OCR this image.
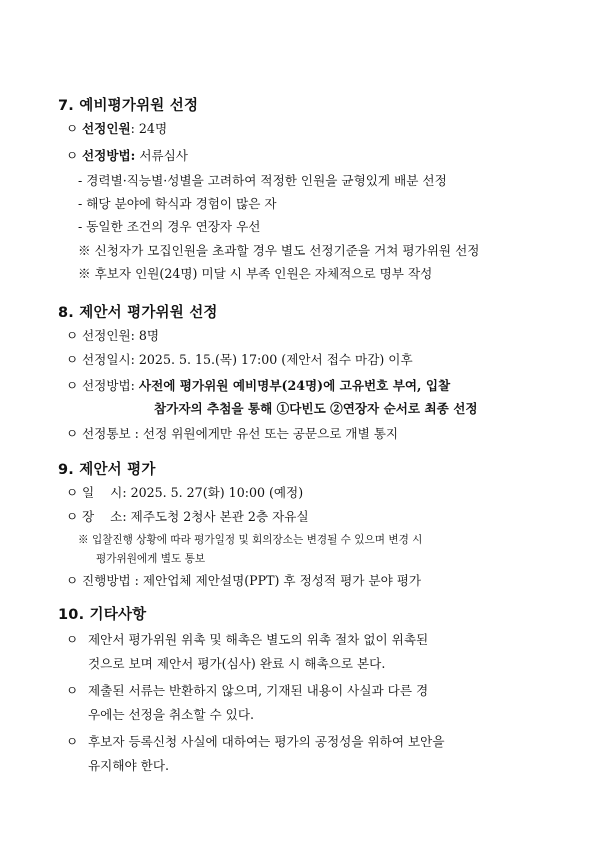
7. 예비평가위원 선정
ㅇ 선정인원: 24명
ㅇ 선정방법: 서류심사
- 경력별·직능별·성별을 고려하여 적정한 인원을 균형있게 배분 선정
- 해당 분야에 학식과 경험이 많은 자
- 동일한 조건의 경우 연장자 우선
※ 신청자가 모집인원을 초과할 경우 별도 선정기준을 거쳐 평가위원 선정
※ 후보자 인원(24명) 미달 시 부족 인원은 자체적으로 명부 작성
8. 제안서 평가위원 선정
ㅇ 선정인원: 8명
ㅇ 선정일시: 2025. 5. 15.(목) 17:00 (제안서 접수 마감) 이후
ㅇ 선정방법: 사전에 평가위원 예비명부(24명)에 고유번호 부여, 입찰
참가자의 추첨을 통해 ①다빈도 ②연장자 순서로 최종 선정
ㅇ 선정통보 : 선정 위원에게만 유선 또는 공문으로 개별 통지
9. 제안서 평가
ㅇ 일    시: 2025. 5. 27(화) 10:00 (예정)
ㅇ 장    소: 제주도청 2청사 본관 2층 자유실
※ 입찰진행 상황에 따라 평가일정 및 회의장소는 변경될 수 있으며 변경 시
평가위원에게 별도 통보
ㅇ 진행방법 : 제안업체 제안설명(PPT) 후 정성적 평가 분야 평가
10. 기타사항
ㅇ 제안서 평가위원 위촉 및 해촉은 별도의 위촉 절차 없이 위촉된
것으로 보며 제안서 평가(심사) 완료 시 해촉으로 본다.
ㅇ 제출된 서류는 반환하지 않으며, 기재된 내용이 사실과 다른 경
우에는 선정을 취소할 수 있다.
ㅇ 후보자 등록신청 사실에 대하여는 평가의 공정성을 위하여 보안을
유지해야 한다.
